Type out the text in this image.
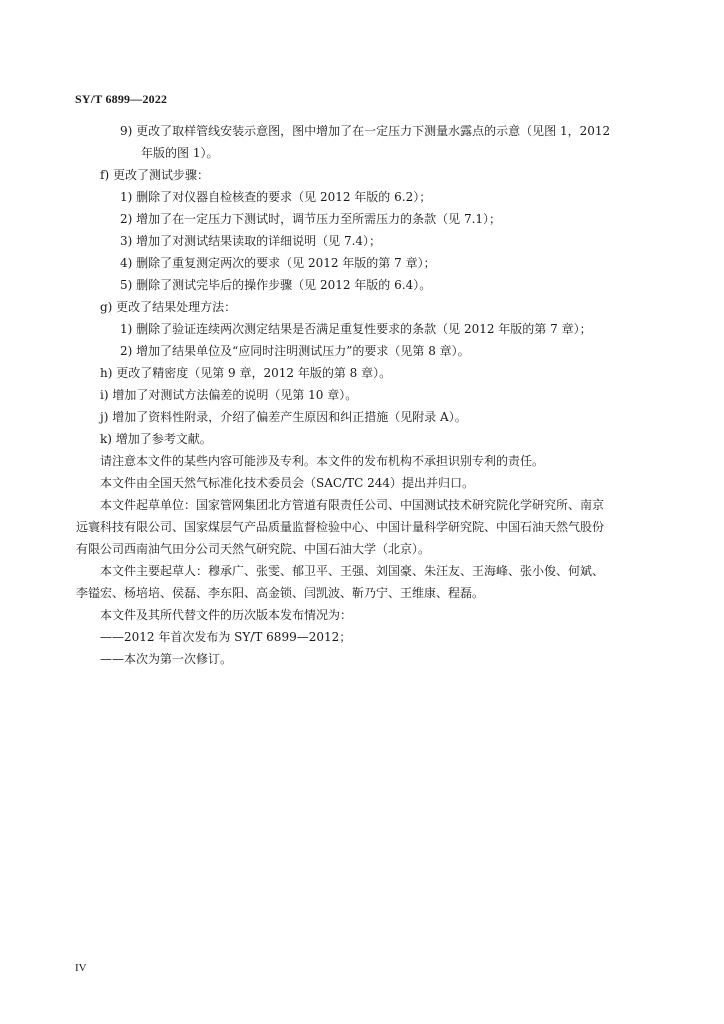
SY/T 6899—2022
9) 更改了取样管线安装示意图，图中增加了在一定压力下测量水露点的示意（见图 1，2012
年版的图 1）。
f) 更改了测试步骤：
1) 删除了对仪器自检核查的要求（见 2012 年版的 6.2）；
2) 增加了在一定压力下测试时，调节压力至所需压力的条款（见 7.1）；
3) 增加了对测试结果读取的详细说明（见 7.4）；
4) 删除了重复测定两次的要求（见 2012 年版的第 7 章）；
5) 删除了测试完毕后的操作步骤（见 2012 年版的 6.4）。
g) 更改了结果处理方法：
1) 删除了验证连续两次测定结果是否满足重复性要求的条款（见 2012 年版的第 7 章）；
2) 增加了结果单位及“应同时注明测试压力”的要求（见第 8 章）。
h) 更改了精密度（见第 9 章，2012 年版的第 8 章）。
i) 增加了对测试方法偏差的说明（见第 10 章）。
j) 增加了资料性附录，介绍了偏差产生原因和纠正措施（见附录 A）。
k) 增加了参考文献。
请注意本文件的某些内容可能涉及专利。本文件的发布机构不承担识别专利的责任。
本文件由全国天然气标准化技术委员会（SAC/TC 244）提出并归口。
本文件起草单位：国家管网集团北方管道有限责任公司、中国测试技术研究院化学研究所、南京
远寰科技有限公司、国家煤层气产品质量监督检验中心、中国计量科学研究院、中国石油天然气股份
有限公司西南油气田分公司天然气研究院、中国石油大学（北京）。
本文件主要起草人：穆承广、张雯、郁卫平、王强、刘国豪、朱汪友、王海峰、张小俊、何斌、
李镒宏、杨培培、侯磊、李东阳、高金锁、闫凯波、靳乃宁、王维康、程磊。
本文件及其所代替文件的历次版本发布情况为：
——2012 年首次发布为 SY/T 6899—2012；
——本次为第一次修订。
IV
